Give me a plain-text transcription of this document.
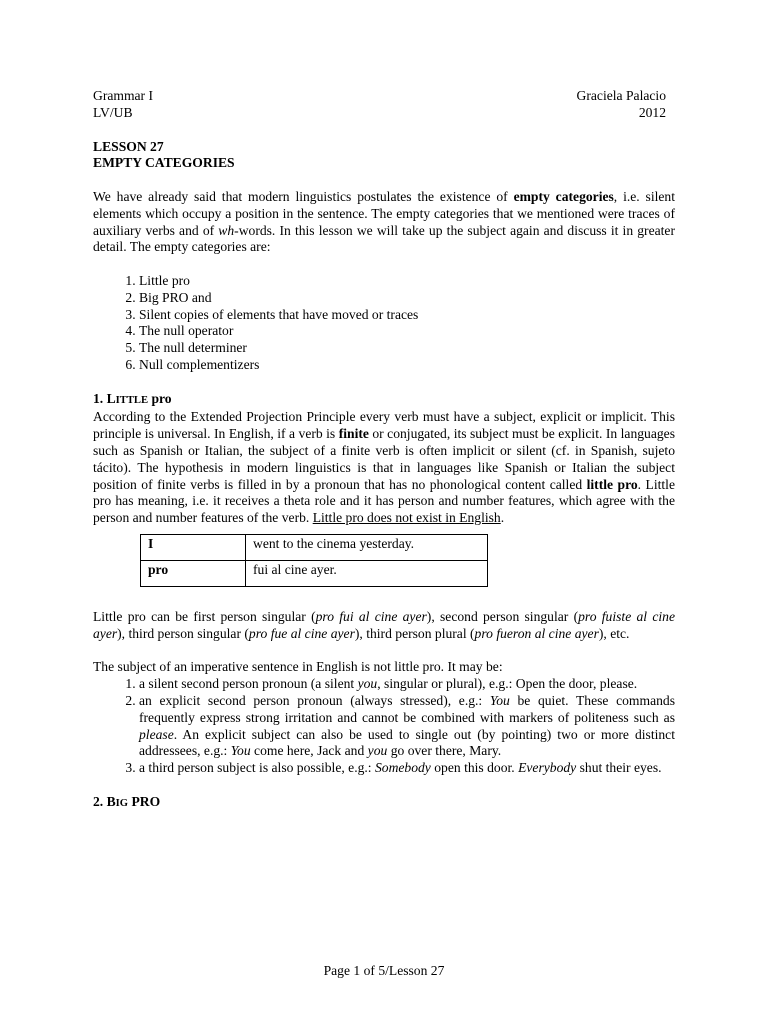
Grammar I	Graciela Palacio
LV/UB	2012
LESSON 27
EMPTY CATEGORIES

We have already said that modern linguistics postulates the existence of empty categories, i.e. silent elements which occupy a position in the sentence. The empty categories that we mentioned were traces of auxiliary verbs and of wh-words. In this lesson we will take up the subject again and discuss it in greater detail. The empty categories are:

1. Little pro
2. Big PRO and
3. Silent copies of elements that have moved or traces
4. The null operator
5. The null determiner
6. Null complementizers
1. LITTLE pro

According to the Extended Projection Principle every verb must have a subject, explicit or implicit. This principle is universal. In English, if a verb is finite or conjugated, its subject must be explicit. In languages such as Spanish or Italian, the subject of a finite verb is often implicit or silent (cf. in Spanish, sujeto tácito). The hypothesis in modern linguistics is that in languages like Spanish or Italian the subject position of finite verbs is filled in by a pronoun that has no phonological content called little pro. Little pro has meaning, i.e. it receives a theta role and it has person and number features, which agree with the person and number features of the verb. Little pro does not exist in English.

I	went to the cinema yesterday.
pro	fui al cine ayer.

Little pro can be first person singular (pro fui al cine ayer), second person singular (pro fuiste al cine ayer), third person singular (pro fue al cine ayer), third person plural (pro fueron al cine ayer), etc.

The subject of an imperative sentence in English is not little pro. It may be:

1. a silent second person pronoun (a silent you, singular or plural), e.g.: Open the door, please.

2. an explicit second person pronoun (always stressed), e.g.: You be quiet. These commands frequently express strong irritation and cannot be combined with markers of politeness such as please. An explicit subject can also be used to single out (by pointing) two or more distinct addressees, e.g.: You come here, Jack and you go over there, Mary.

3. a third person subject is also possible, e.g.: Somebody open this door. Everybody shut their eyes.

2. BIG PRO
Page 1 of 5/Lesson 27
